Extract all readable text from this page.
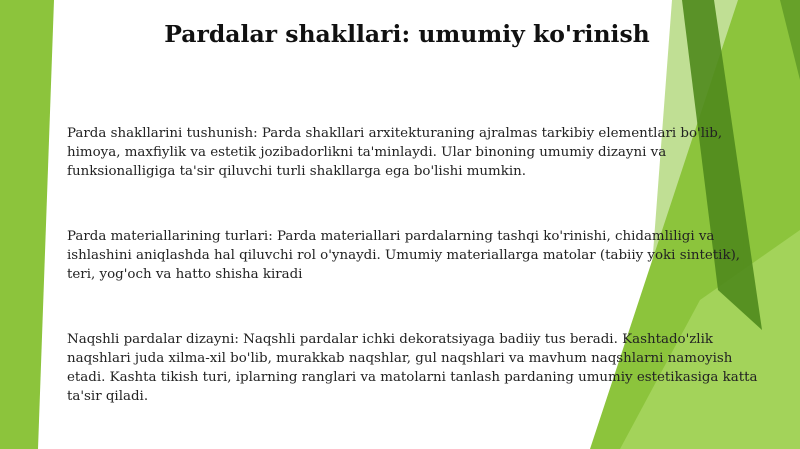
Pardalar shakllari: umumiy ko'rinish
Parda shakllarini tushunish: Parda shakllari arxitekturaning ajralmas tarkibiy elementlari bo'lib, himoya, maxfiylik va estetik jozibadorlikni ta'minlaydi. Ular binoning umumiy dizayni va funksionalligiga ta'sir qiluvchi turli shakllarga ega bo'lishi mumkin.
Parda materiallarining turlari: Parda materiallari pardalarning tashqi ko'rinishi, chidamliligi va ishlashini aniqlashda hal qiluvchi rol o'ynaydi. Umumiy materiallarga matolar (tabiiy yoki sintetik), teri, yog'och va hatto shisha kiradi
Naqshli pardalar dizayni: Naqshli pardalar ichki dekoratsiyaga badiiy tus beradi. Kashtado'zlik naqshlari juda xilma-xil bo'lib, murakkab naqshlar, gul naqshlari va mavhum naqshlarni namoyish etadi. Kashta tikish turi, iplarning ranglari va matolarni tanlash pardaning umumiy estetikasiga katta ta'sir qiladi.
